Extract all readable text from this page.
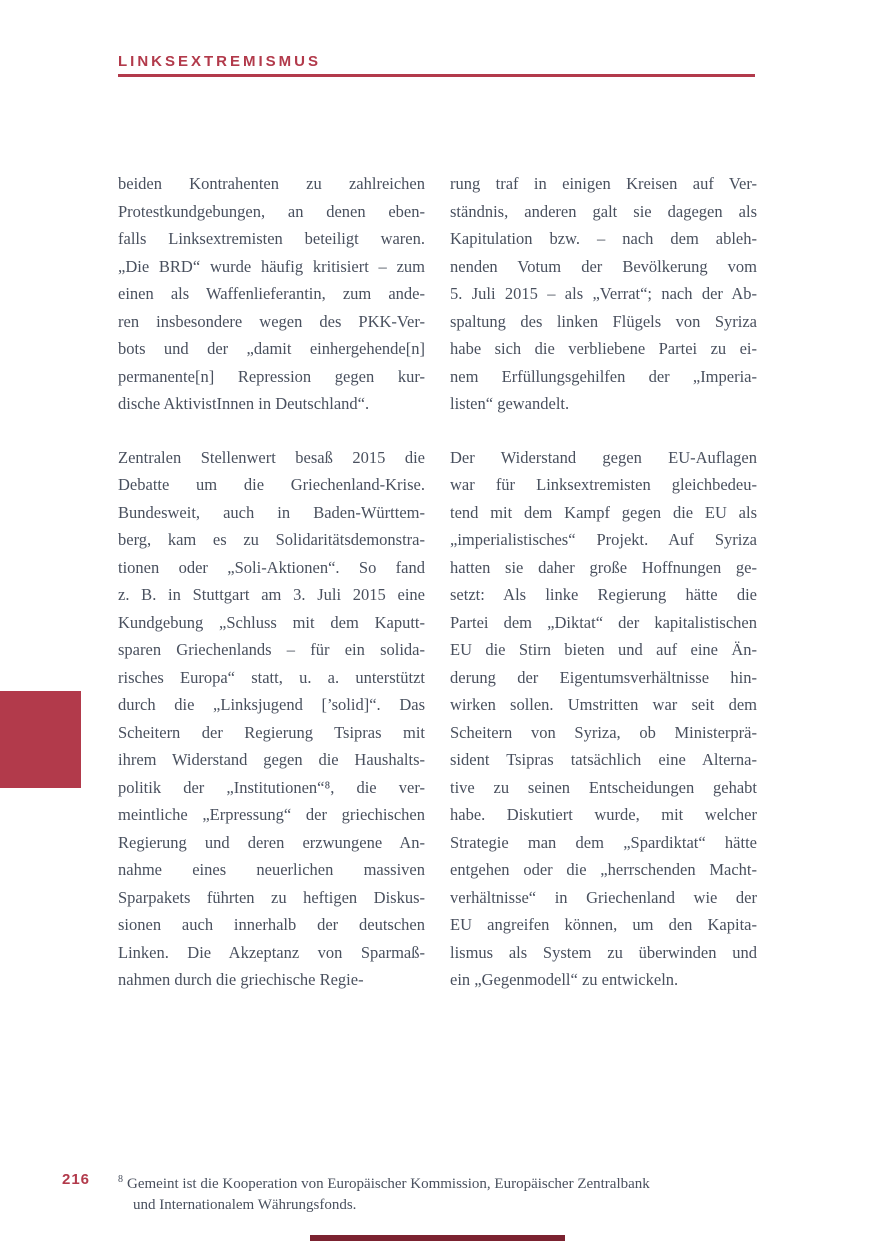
LINKSEXTREMISMUS
beiden Kontrahenten zu zahlreichen
Protestkundgebungen, an denen eben-
falls Linksextremisten beteiligt waren.
„Die BRD“ wurde häufig kritisiert – zum
einen als Waffenlieferantin, zum ande-
ren insbesondere wegen des PKK-Ver-
bots und der „damit einhergehende[n]
permanente[n] Repression gegen kur-
dische AktivistInnen in Deutschland“.
Zentralen Stellenwert besaß 2015 die
Debatte um die Griechenland-Krise.
Bundesweit, auch in Baden-Württem-
berg, kam es zu Solidaritätsdemonstra-
tionen oder „Soli-Aktionen“. So fand
z. B. in Stuttgart am 3. Juli 2015 eine
Kundgebung „Schluss mit dem Kaputt-
sparen Griechenlands – für ein solida-
risches Europa“ statt, u. a. unterstützt
durch die „Linksjugend [’solid]“. Das
Scheitern der Regierung Tsipras mit
ihrem Widerstand gegen die Haushalts-
politik der „Institutionen“⁸, die ver-
meintliche „Erpressung“ der griechischen
Regierung und deren erzwungene An-
nahme eines neuerlichen massiven
Sparpakets führten zu heftigen Diskus-
sionen auch innerhalb der deutschen
Linken. Die Akzeptanz von Sparmaß-
nahmen durch die griechische Regie-
rung traf in einigen Kreisen auf Ver-
ständnis, anderen galt sie dagegen als
Kapitulation bzw. – nach dem ableh-
nenden Votum der Bevölkerung vom
5. Juli 2015 – als „Verrat“; nach der Ab-
spaltung des linken Flügels von Syriza
habe sich die verbliebene Partei zu ei-
nem Erfüllungsgehilfen der „Imperia-
listen“ gewandelt.
Der Widerstand gegen EU-Auflagen
war für Linksextremisten gleichbedeu-
tend mit dem Kampf gegen die EU als
„imperialistisches“ Projekt. Auf Syriza
hatten sie daher große Hoffnungen ge-
setzt: Als linke Regierung hätte die
Partei dem „Diktat“ der kapitalistischen
EU die Stirn bieten und auf eine Än-
derung der Eigentumsverhältnisse hin-
wirken sollen. Umstritten war seit dem
Scheitern von Syriza, ob Ministerprä-
sident Tsipras tatsächlich eine Alterna-
tive zu seinen Entscheidungen gehabt
habe. Diskutiert wurde, mit welcher
Strategie man dem „Spardiktat“ hätte
entgehen oder die „herrschenden Macht-
verhältnisse“ in Griechenland wie der
EU angreifen können, um den Kapita-
lismus als System zu überwinden und
ein „Gegenmodell“ zu entwickeln.
216	$^8$ Gemeint ist die Kooperation von Europäischer Kommission, Europäischer Zentralbank
und Internationalem Währungsfonds.
